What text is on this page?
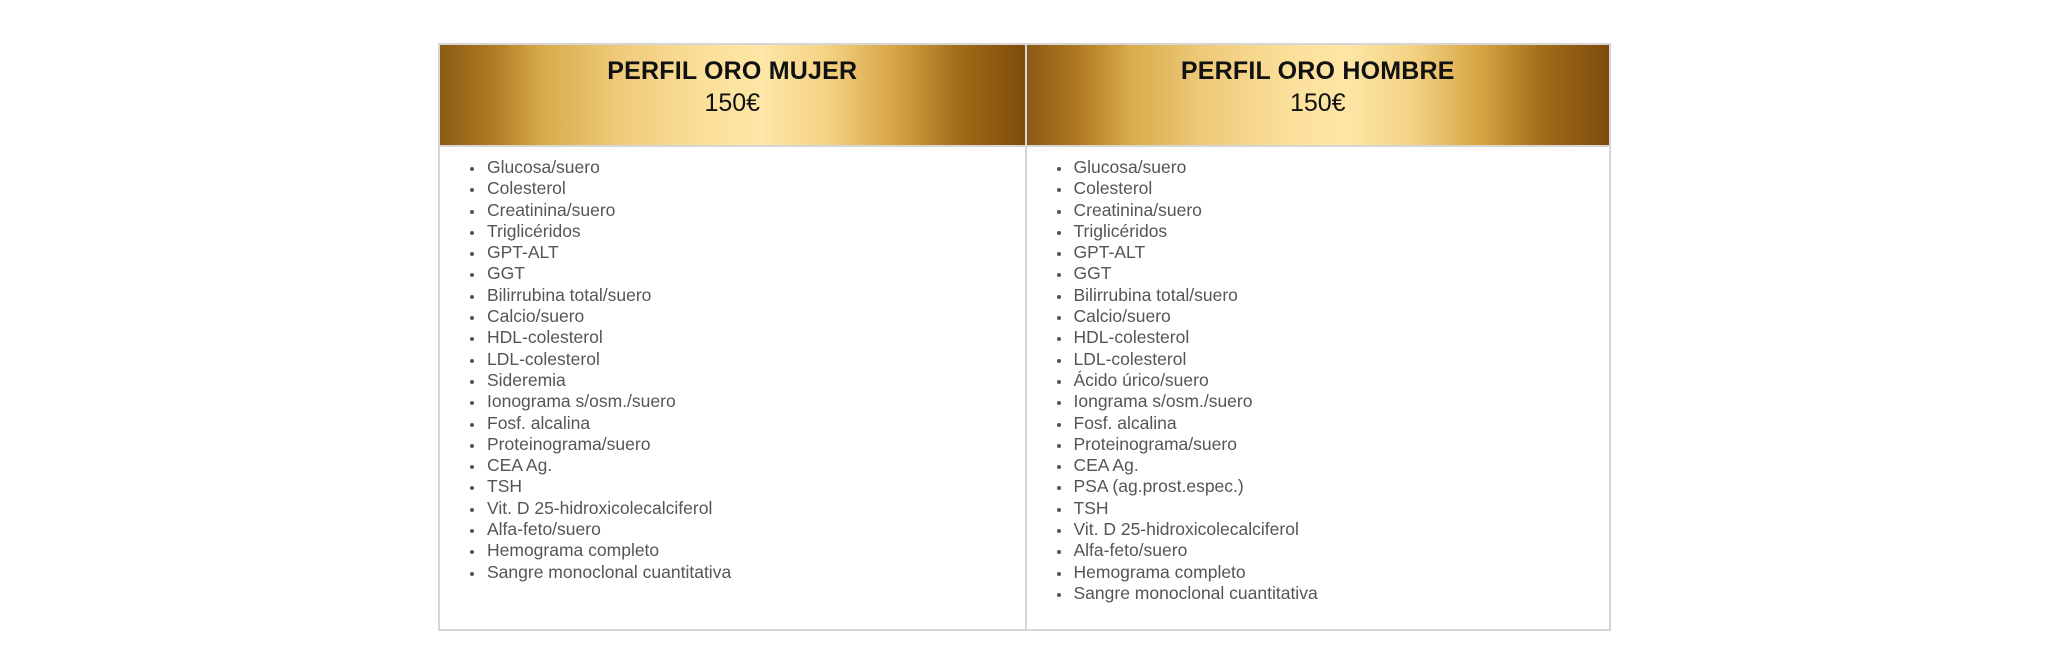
PERFIL ORO MUJER
150€
• Glucosa/suero
• Colesterol
• Creatinina/suero
• Triglicéridos
• GPT-ALT
• GGT
• Bilirrubina total/suero
• Calcio/suero
• HDL-colesterol
• LDL-colesterol
• Sideremia
• Ionograma s/osm./suero
• Fosf. alcalina
• Proteinograma/suero
• CEA Ag.
• TSH
• Vit. D 25-hidroxicolecalciferol
• Alfa-feto/suero
• Hemograma completo
• Sangre monoclonal cuantitativa
PERFIL ORO HOMBRE
150€
• Glucosa/suero
• Colesterol
• Creatinina/suero
• Triglicéridos
• GPT-ALT
• GGT
• Bilirrubina total/suero
• Calcio/suero
• HDL-colesterol
• LDL-colesterol
• Ácido úrico/suero
• Iongrama s/osm./suero
• Fosf. alcalina
• Proteinograma/suero
• CEA Ag.
• PSA (ag.prost.espec.)
• TSH
• Vit. D 25-hidroxicolecalciferol
• Alfa-feto/suero
• Hemograma completo
• Sangre monoclonal cuantitativa
